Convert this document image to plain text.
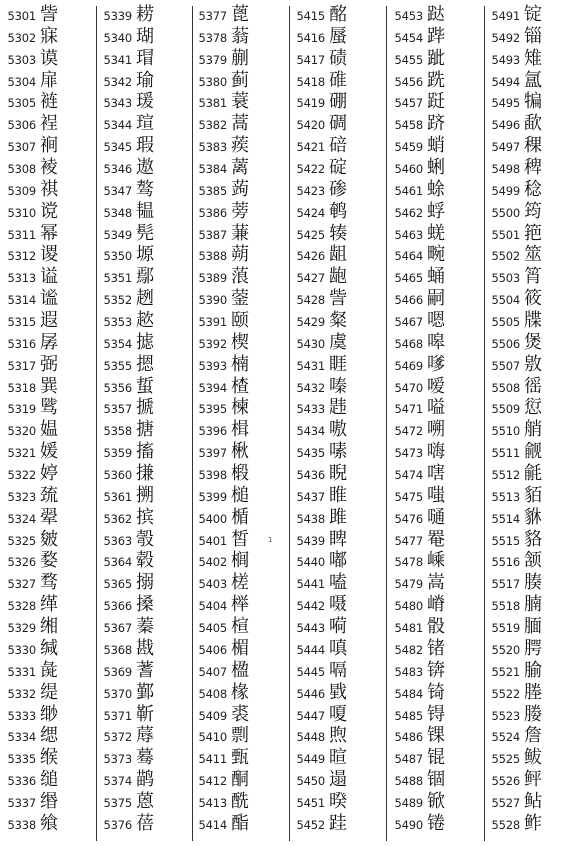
5301 訾
5302 寐
5303 谟
5304 扉
5305 裢
5306 裎
5307 裥
5308 裬
5309 祺
5310 谠
5311 幂
5312 谡
5313 谥
5314 谧
5315 遐
5316 孱
5317 弼
5318 巽
5319 骘
5320 媪
5321 媛
5322 婷
5323 巯
5324 翚
5325 皴
5326 婺
5327 骛
5328 缂
5329 缃
5330 缄
5331 彘
5332 缇
5333 缈
5334 缌
5335 缑
5336 缒
5337 缗
5338 飨
5339 耢
5340 瑚
5341 瑁
5342 瑜
5343 瑗
5344 瑄
5345 瑕
5346 遨
5347 骜
5348 韫
5349 髡
5350 塬
5351 鄢
5352 趔
5353 趑
5354 摅
5355 摁
5356 蜇
5357 搋
5358 搪
5359 搐
5360 搛
5361 搠
5362 摈
5363 彀
5364 毂
5365 搦
5366 搡
5367 蓁
5368 戡
5369 蓍
5370 鄞
5371 靳
5372 蓐
5373 蓦
5374 鹋
5375 蒽
5376 蓓
5377 蓖
5378 蓊
5379 蒯
5380 蓟
5381 蓑
5382 蒿
5383 蒺
5384 蓠
5385 蒟
5386 蒡
5387 蒹
5388 蒴
5389 蒗
5390 蓥
5391 颐
5392 楔
5393 楠
5394 楂
5395 楝
5396 楫
5397 楸
5398 椴
5399 槌
5400 楯
5401 皙
5402 榈
5403 槎
5404 榉
5405 楦
5406 楣
5407 楹
5408 椽
5409 裘
5410 剽
5411 甄
5412 酮
5413 酰
5414 酯
5415 酩
5416 蜃
5417 碛
5418 碓
5419 硼
5420 碉
5421 碚
5422 碇
5423 碜
5424 鹌
5425 辏
5426 龃
5427 龅
5428 訾
5429 粲
5430 虞
5431 睚
5432 嗪
5433 韪
5434 嗷
5435 嗉
5436 睨
5437 睢
5438 雎
5439 睥
5440 嘟
5441 嗑
5442 嗫
5443 嗬
5444 嗔
5445 嗝
5446 戥
5447 嗄
5448 煦
5449 暄
5450 遢
5451 暌
5452 跬
5453 跶
5454 跸
5455 跐
5456 跣
5457 跹
5458 跻
5459 蛸
5460 蜊
5461 蜍
5462 蜉
5463 蜣
5464 畹
5465 蛹
5466 嗣
5467 嗯
5468 嗥
5469 嗲
5470 嗳
5471 嗌
5472 嗍
5473 嗨
5474 嗐
5475 嗤
5476 嗵
5477 罨
5478 嵊
5479 嵩
5480 嵴
5481 骰
5482 锗
5483 锛
5484 锜
5485 锝
5486 锞
5487 锟
5488 锢
5489 锨
5490 锩
5491 锭
5492 锱
5493 雉
5494 氲
5495 犏
5496 歃
5497 稞
5498 稗
5499 稔
5500 筠
5501 筢
5502 筮
5503 筲
5504 筱
5505 牒
5506 煲
5507 敫
5508 徭
5509 愆
5510 艄
5511 觎
5512 毹
5513 貊
5514 貅
5515 貉
5516 颔
5517 腠
5518 腩
5519 腼
5520 腭
5521 腧
5522 塍
5523 媵
5524 詹
5525 鲅
5526 鲆
5527 鲇
5528 鲊
1
